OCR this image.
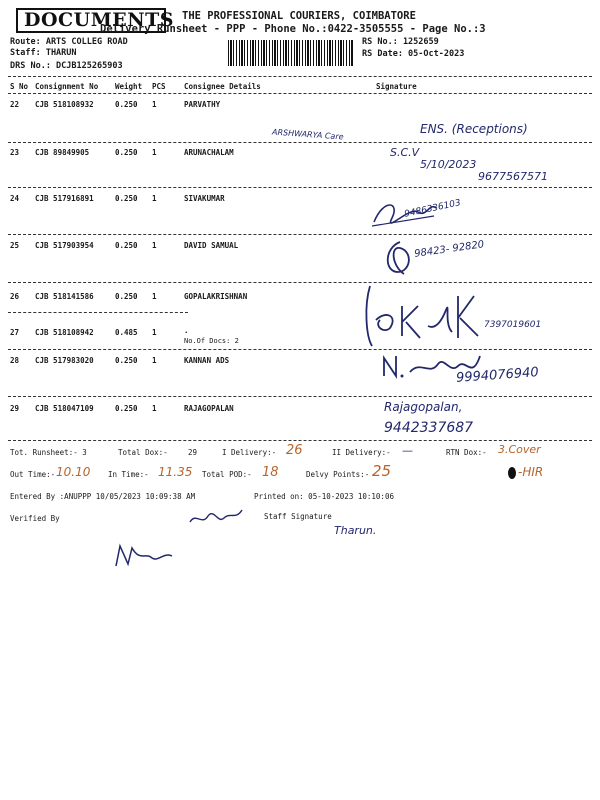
DOCUMENTS THE PROFESSIONAL COURIERS, COIMBATORE
Delivery Runsheet - PPP - Phone No.:0422-3505555 - Page No.:3
Route: ARTS COLLEG ROAD
Staff: THARUN
DRS No.: DCJB125265903
RS No.: 1252659
RS Date: 05-Oct-2023
S No Consignment No Weight PCS Consignee Details	Signature
22 CJB 518108932	0.250 1	PARVATHY
ARSHWARYA Care	ENS. (Receptions)
23 CJB 89849905	0.250 1	ARUNACHALAM	S.C.V
5/10/2023
9677567571
24 CJB 517916891	0.250 1	SIVAKUMAR	9486336103
25 CJB 517903954	0.250 1	DAVID SAMUAL	98423- 92820
26 CJB 518141586	0.250 1	GOPALAKRISHNAN
27 CJB 518108942	0.485 1	.
No.Of Docs: 2
7397019601
28 CJB 517983020	0.250 1	KANNAN ADS
9994076940
29 CJB 518047109	0.250 1	RAJAGOPALAN	Rajagopalan,
9442337687
Tot. Runsheet:- 3	Total Dox:-	29	I Delivery:- 26	II Delivery:- —	RTN Dox:- 3.Cover
Out Time:- 10.10 In Time:- 11.35 Total POD:- 18	Delvy Points:- 25	-HIR
Entered By :ANUPPP 10/05/2023 10:09:38 AM	Printed on: 05-10-2023 10:10:06
Verified By	Staff Signature
Tharun.
